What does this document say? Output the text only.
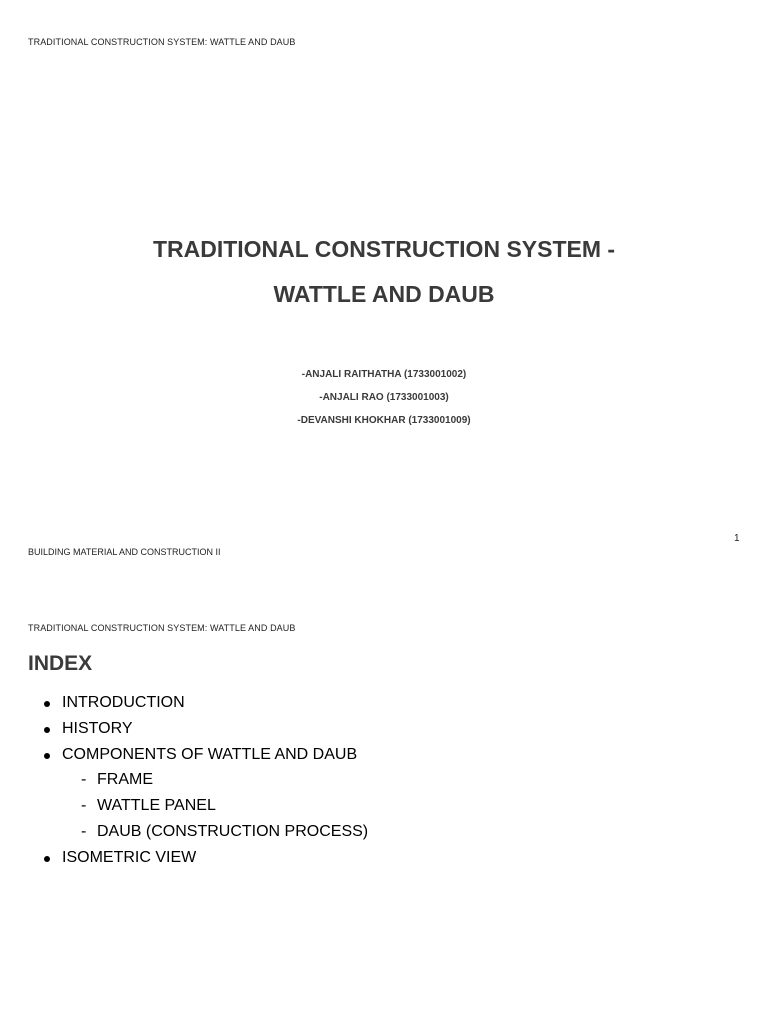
TRADITIONAL CONSTRUCTION SYSTEM: WATTLE AND DAUB
TRADITIONAL CONSTRUCTION SYSTEM -
WATTLE AND DAUB
-ANJALI RAITHATHA (1733001002)
-ANJALI RAO (1733001003)
-DEVANSHI KHOKHAR (1733001009)
1
BUILDING MATERIAL AND CONSTRUCTION II
TRADITIONAL CONSTRUCTION SYSTEM: WATTLE AND DAUB
INDEX
INTRODUCTION
HISTORY
COMPONENTS OF WATTLE AND DAUB
- FRAME
- WATTLE PANEL
- DAUB (CONSTRUCTION PROCESS)
ISOMETRIC VIEW
